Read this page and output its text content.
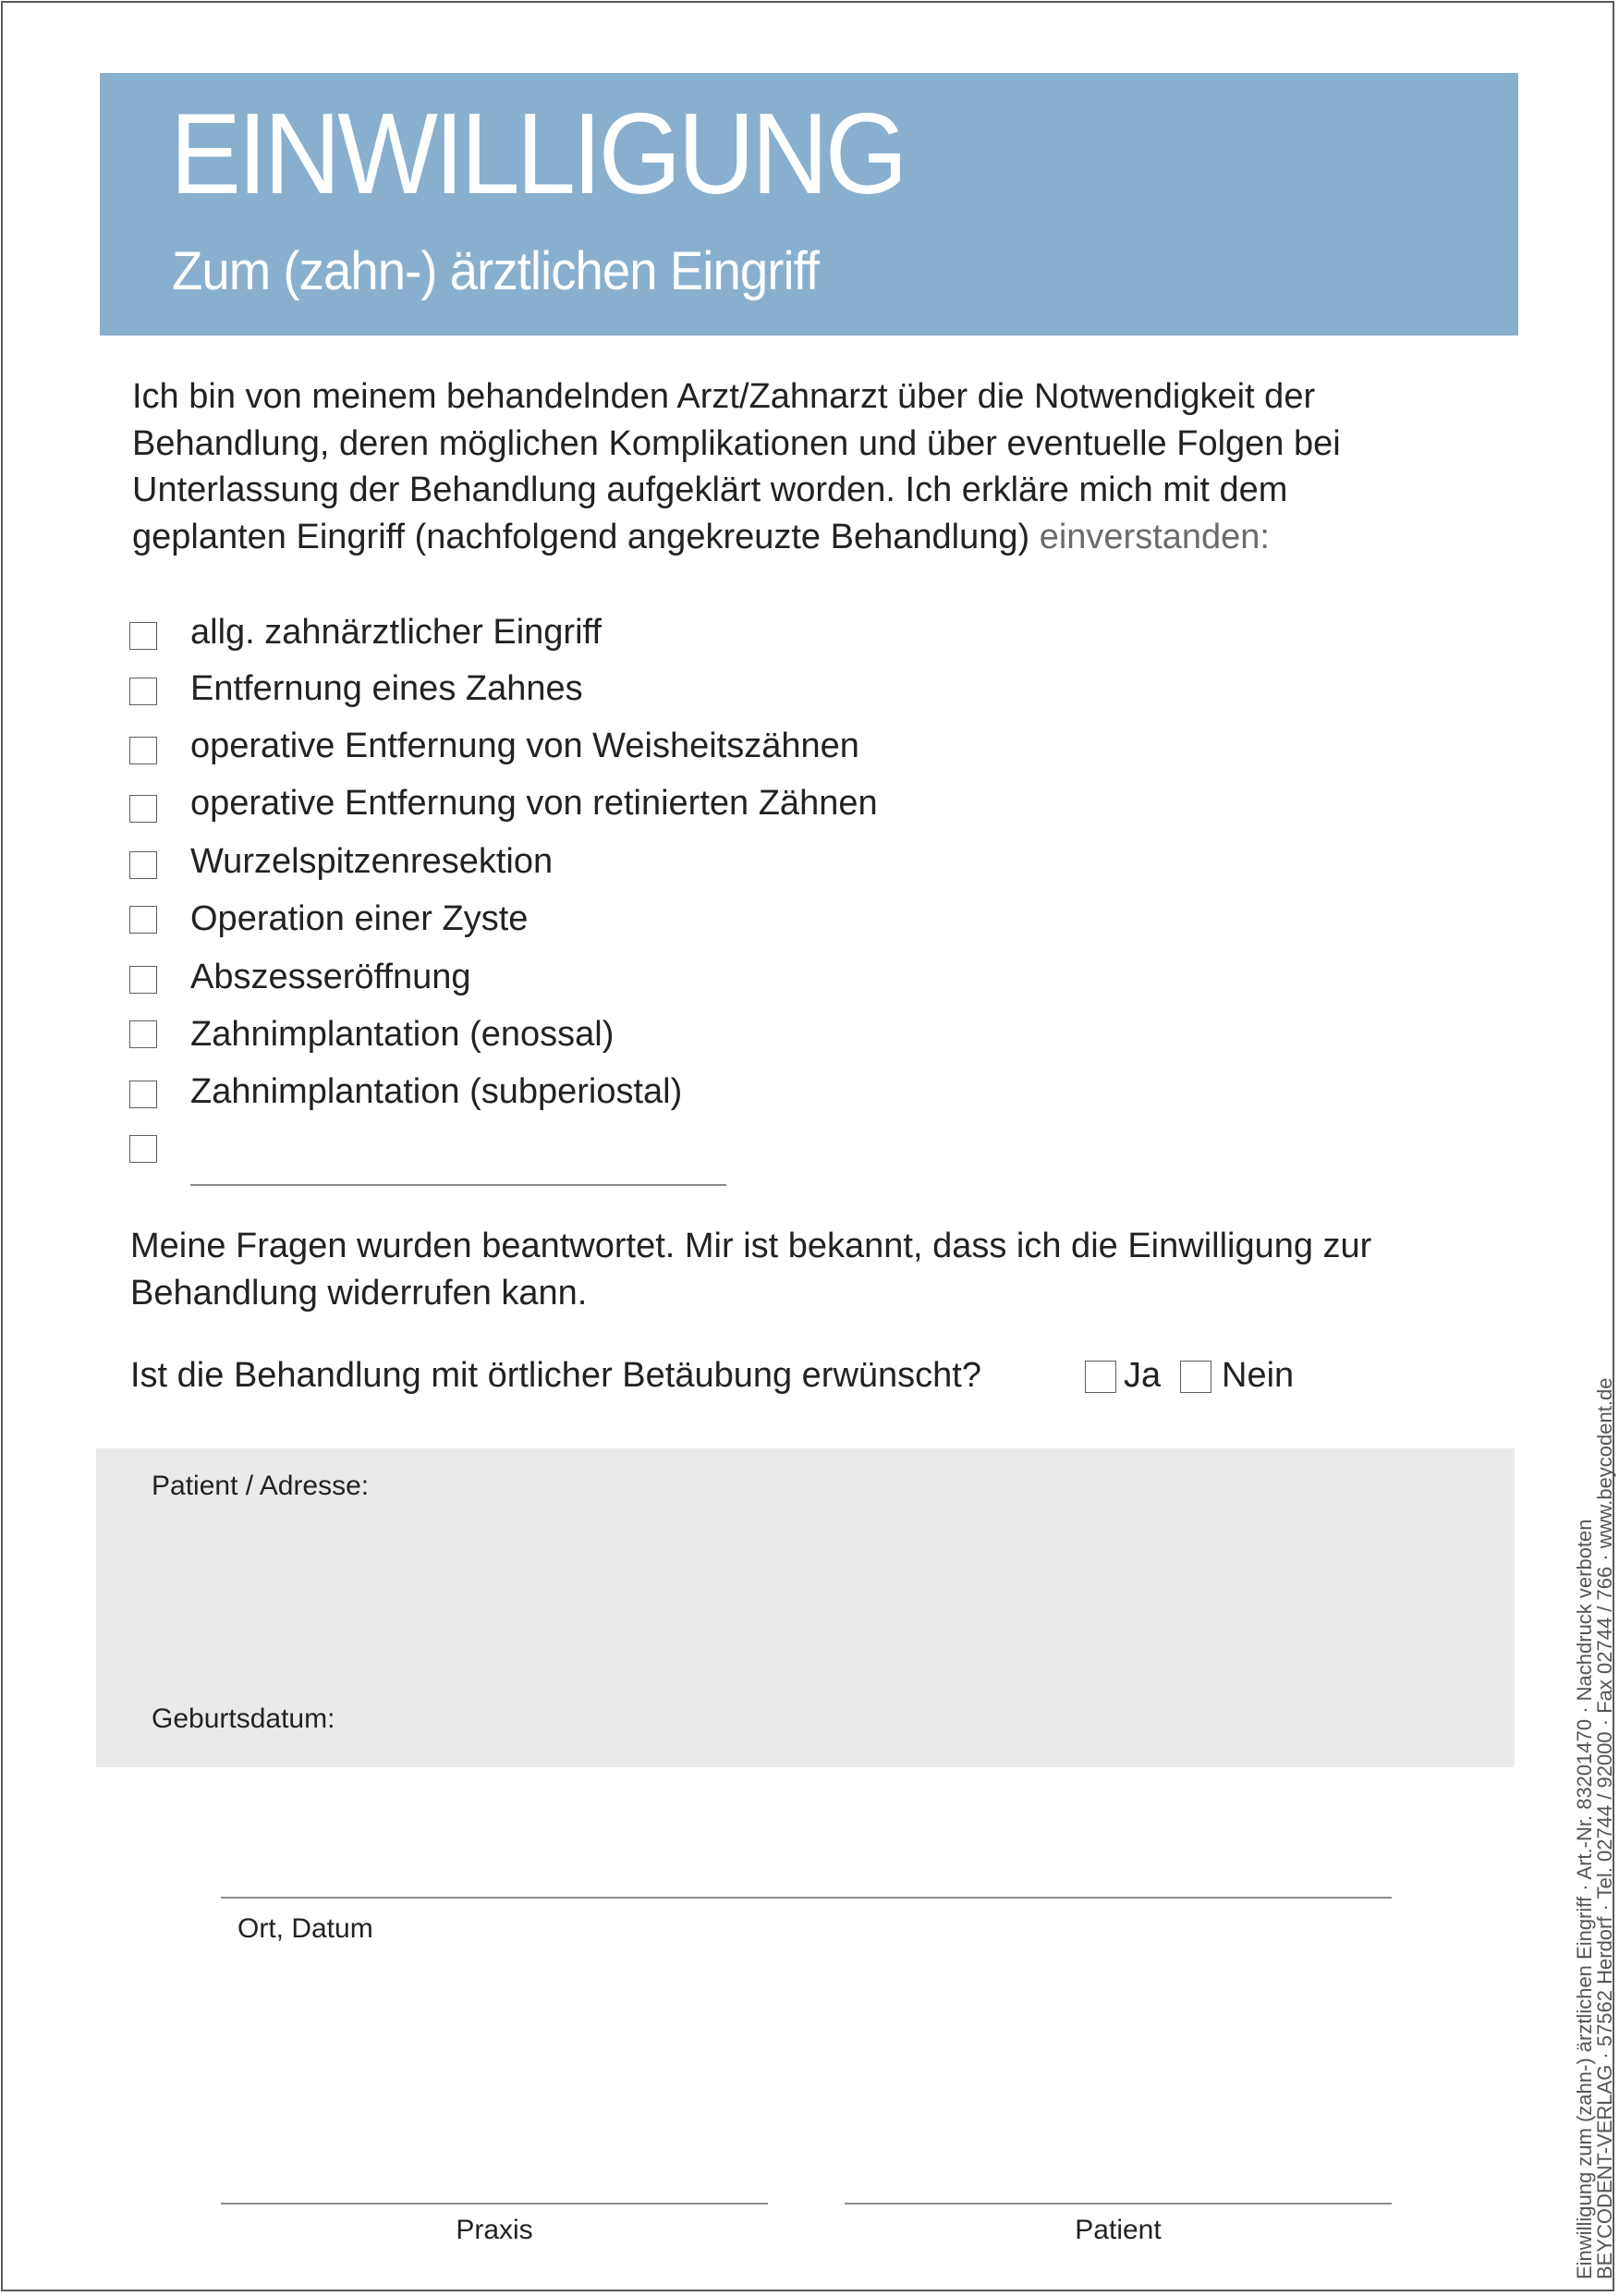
EINWILLIGUNG
Zum (zahn-) ärztlichen Eingriff
Ich bin von meinem behandelnden Arzt/Zahnarzt über die Notwendigkeit der
Behandlung, deren möglichen Komplikationen und über eventuelle Folgen bei
Unterlassung der Behandlung aufgeklärt worden. Ich erkläre mich mit dem
geplanten Eingriff (nachfolgend angekreuzte Behandlung) einverstanden:
allg. zahnärztlicher Eingriff
Entfernung eines Zahnes
operative Entfernung von Weisheitszähnen
operative Entfernung von retinierten Zähnen
Wurzelspitzenresektion
Operation einer Zyste
Abszesseröffnung
Zahnimplantation (enossal)
Zahnimplantation (subperiostal)
Meine Fragen wurden beantwortet. Mir ist bekannt, dass ich die Einwilligung zur
Behandlung widerrufen kann.
Ist die Behandlung mit örtlicher Betäubung erwünscht?	Ja Nein
Patient / Adresse:
Geburtsdatum:
Ort, Datum
Praxis	Patient	Einwilligung zum (zahn-) ärztlichen Eingriff · Art.-Nr. 83201470 · Nachdruck verboten
BEYCODENT-VERLAG · 57562 Herdorf · Tel. 02744 / 92000 · Fax 02744 / 766 · www.beycodent.de
